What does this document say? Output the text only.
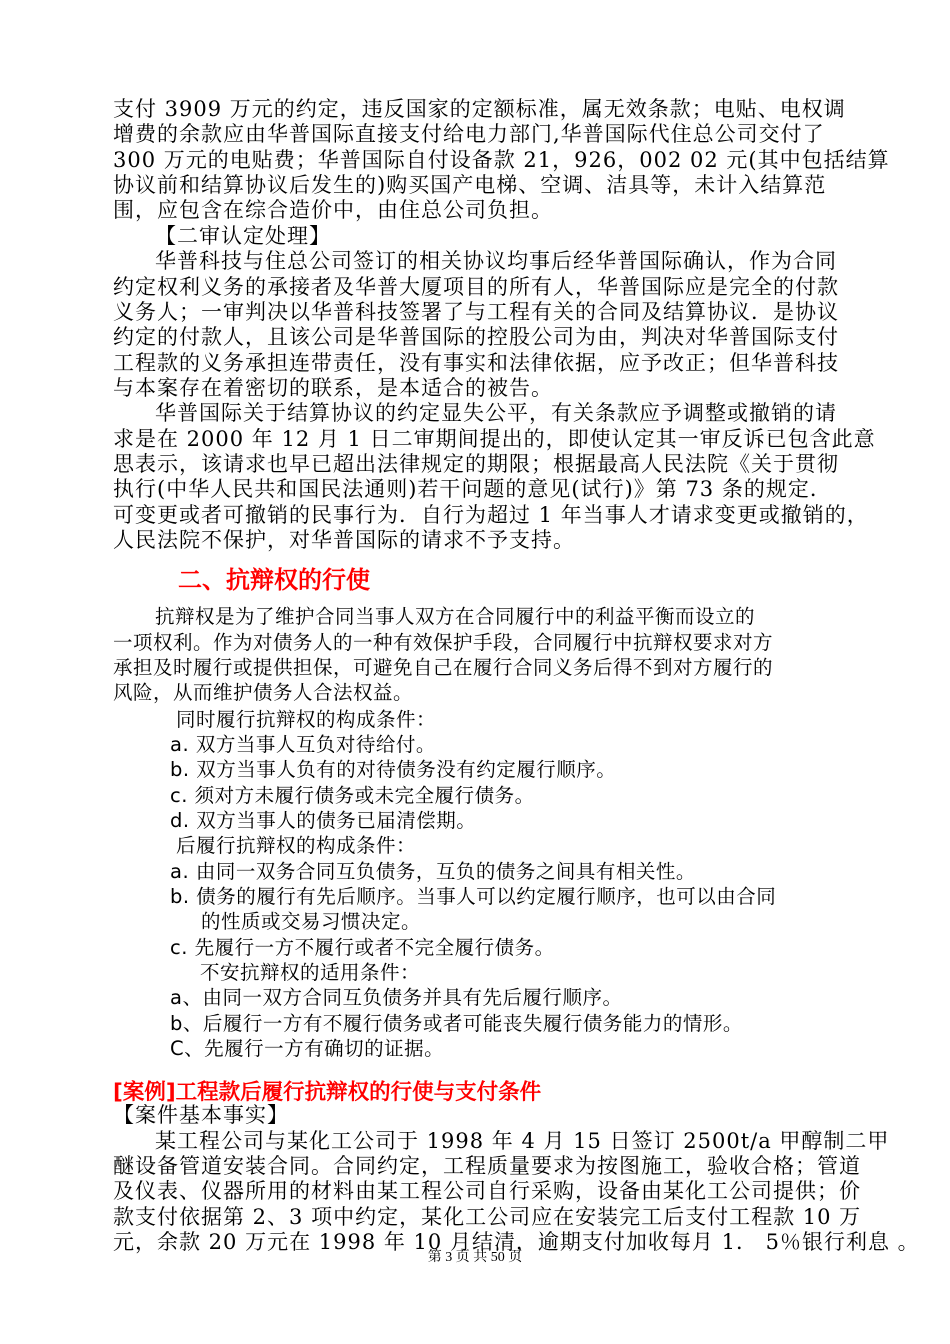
支付 3909 万元的约定，违反国家的定额标准，属无效条款；电贴、电权调
增费的余款应由华普国际直接支付给电力部门,华普国际代住总公司交付了
300 万元的电贴费；华普国际自付设备款 21，926，002 02 元(其中包括结算
协议前和结算协议后发生的)购买国产电梯、空调、洁具等，未计入结算范
围，应包含在综合造价中，由住总公司负担。
【二审认定处理】
华普科技与住总公司签订的相关协议均事后经华普国际确认，作为合同
约定权利义务的承接者及华普大厦项目的所有人，华普国际应是完全的付款
义务人；一审判决以华普科技签署了与工程有关的合同及结算协议．是协议
约定的付款人，且该公司是华普国际的控股公司为由，判决对华普国际支付
工程款的义务承担连带责任，没有事实和法律依据，应予改正；但华普科技
与本案存在着密切的联系，是本适合的被告。
华普国际关于结算协议的约定显失公平，有关条款应予调整或撤销的请
求是在 2000 年 12 月 1 日二审期间提出的，即使认定其一审反诉已包含此意
思表示，该请求也早已超出法律规定的期限；根据最高人民法院《关于贯彻
执行(中华人民共和国民法通则)若干问题的意见(试行)》第 73 条的规定．
可变更或者可撤销的民事行为．自行为超过 1 年当事人才请求变更或撤销的，
人民法院不保护，对华普国际的请求不予支持。
二、抗辩权的行使
抗辩权是为了维护合同当事人双方在合同履行中的利益平衡而设立的
一项权利。作为对债务人的一种有效保护手段，合同履行中抗辩权要求对方
承担及时履行或提供担保，可避免自己在履行合同义务后得不到对方履行的
风险，从而维护债务人合法权益。
同时履行抗辩权的构成条件：
a. 双方当事人互负对待给付。
b. 双方当事人负有的对待债务没有约定履行顺序。
c. 须对方未履行债务或未完全履行债务。
d. 双方当事人的债务已届清偿期。
后履行抗辩权的构成条件：
a. 由同一双务合同互负债务，互负的债务之间具有相关性。
b. 债务的履行有先后顺序。当事人可以约定履行顺序，也可以由合同
的性质或交易习惯决定。
c. 先履行一方不履行或者不完全履行债务。
不安抗辩权的适用条件：
a、由同一双方合同互负债务并具有先后履行顺序。
b、后履行一方有不履行债务或者可能丧失履行债务能力的情形。
C、先履行一方有确切的证据。
[案例]工程款后履行抗辩权的行使与支付条件
【案件基本事实】
某工程公司与某化工公司于 1998 年 4 月 15 日签订 2500t/a 甲醇制二甲
醚设备管道安装合同。合同约定，工程质量要求为按图施工，验收合格；管道
及仪表、仪器所用的材料由某工程公司自行采购，设备由某化工公司提供；价
款支付依据第 2、3 项中约定，某化工公司应在安装完工后支付工程款 10 万
元，余款 20 万元在 1998 年 10 月结清，逾期支付加收每月 1． 5％银行利息 。
第 3 页 共 50 页
